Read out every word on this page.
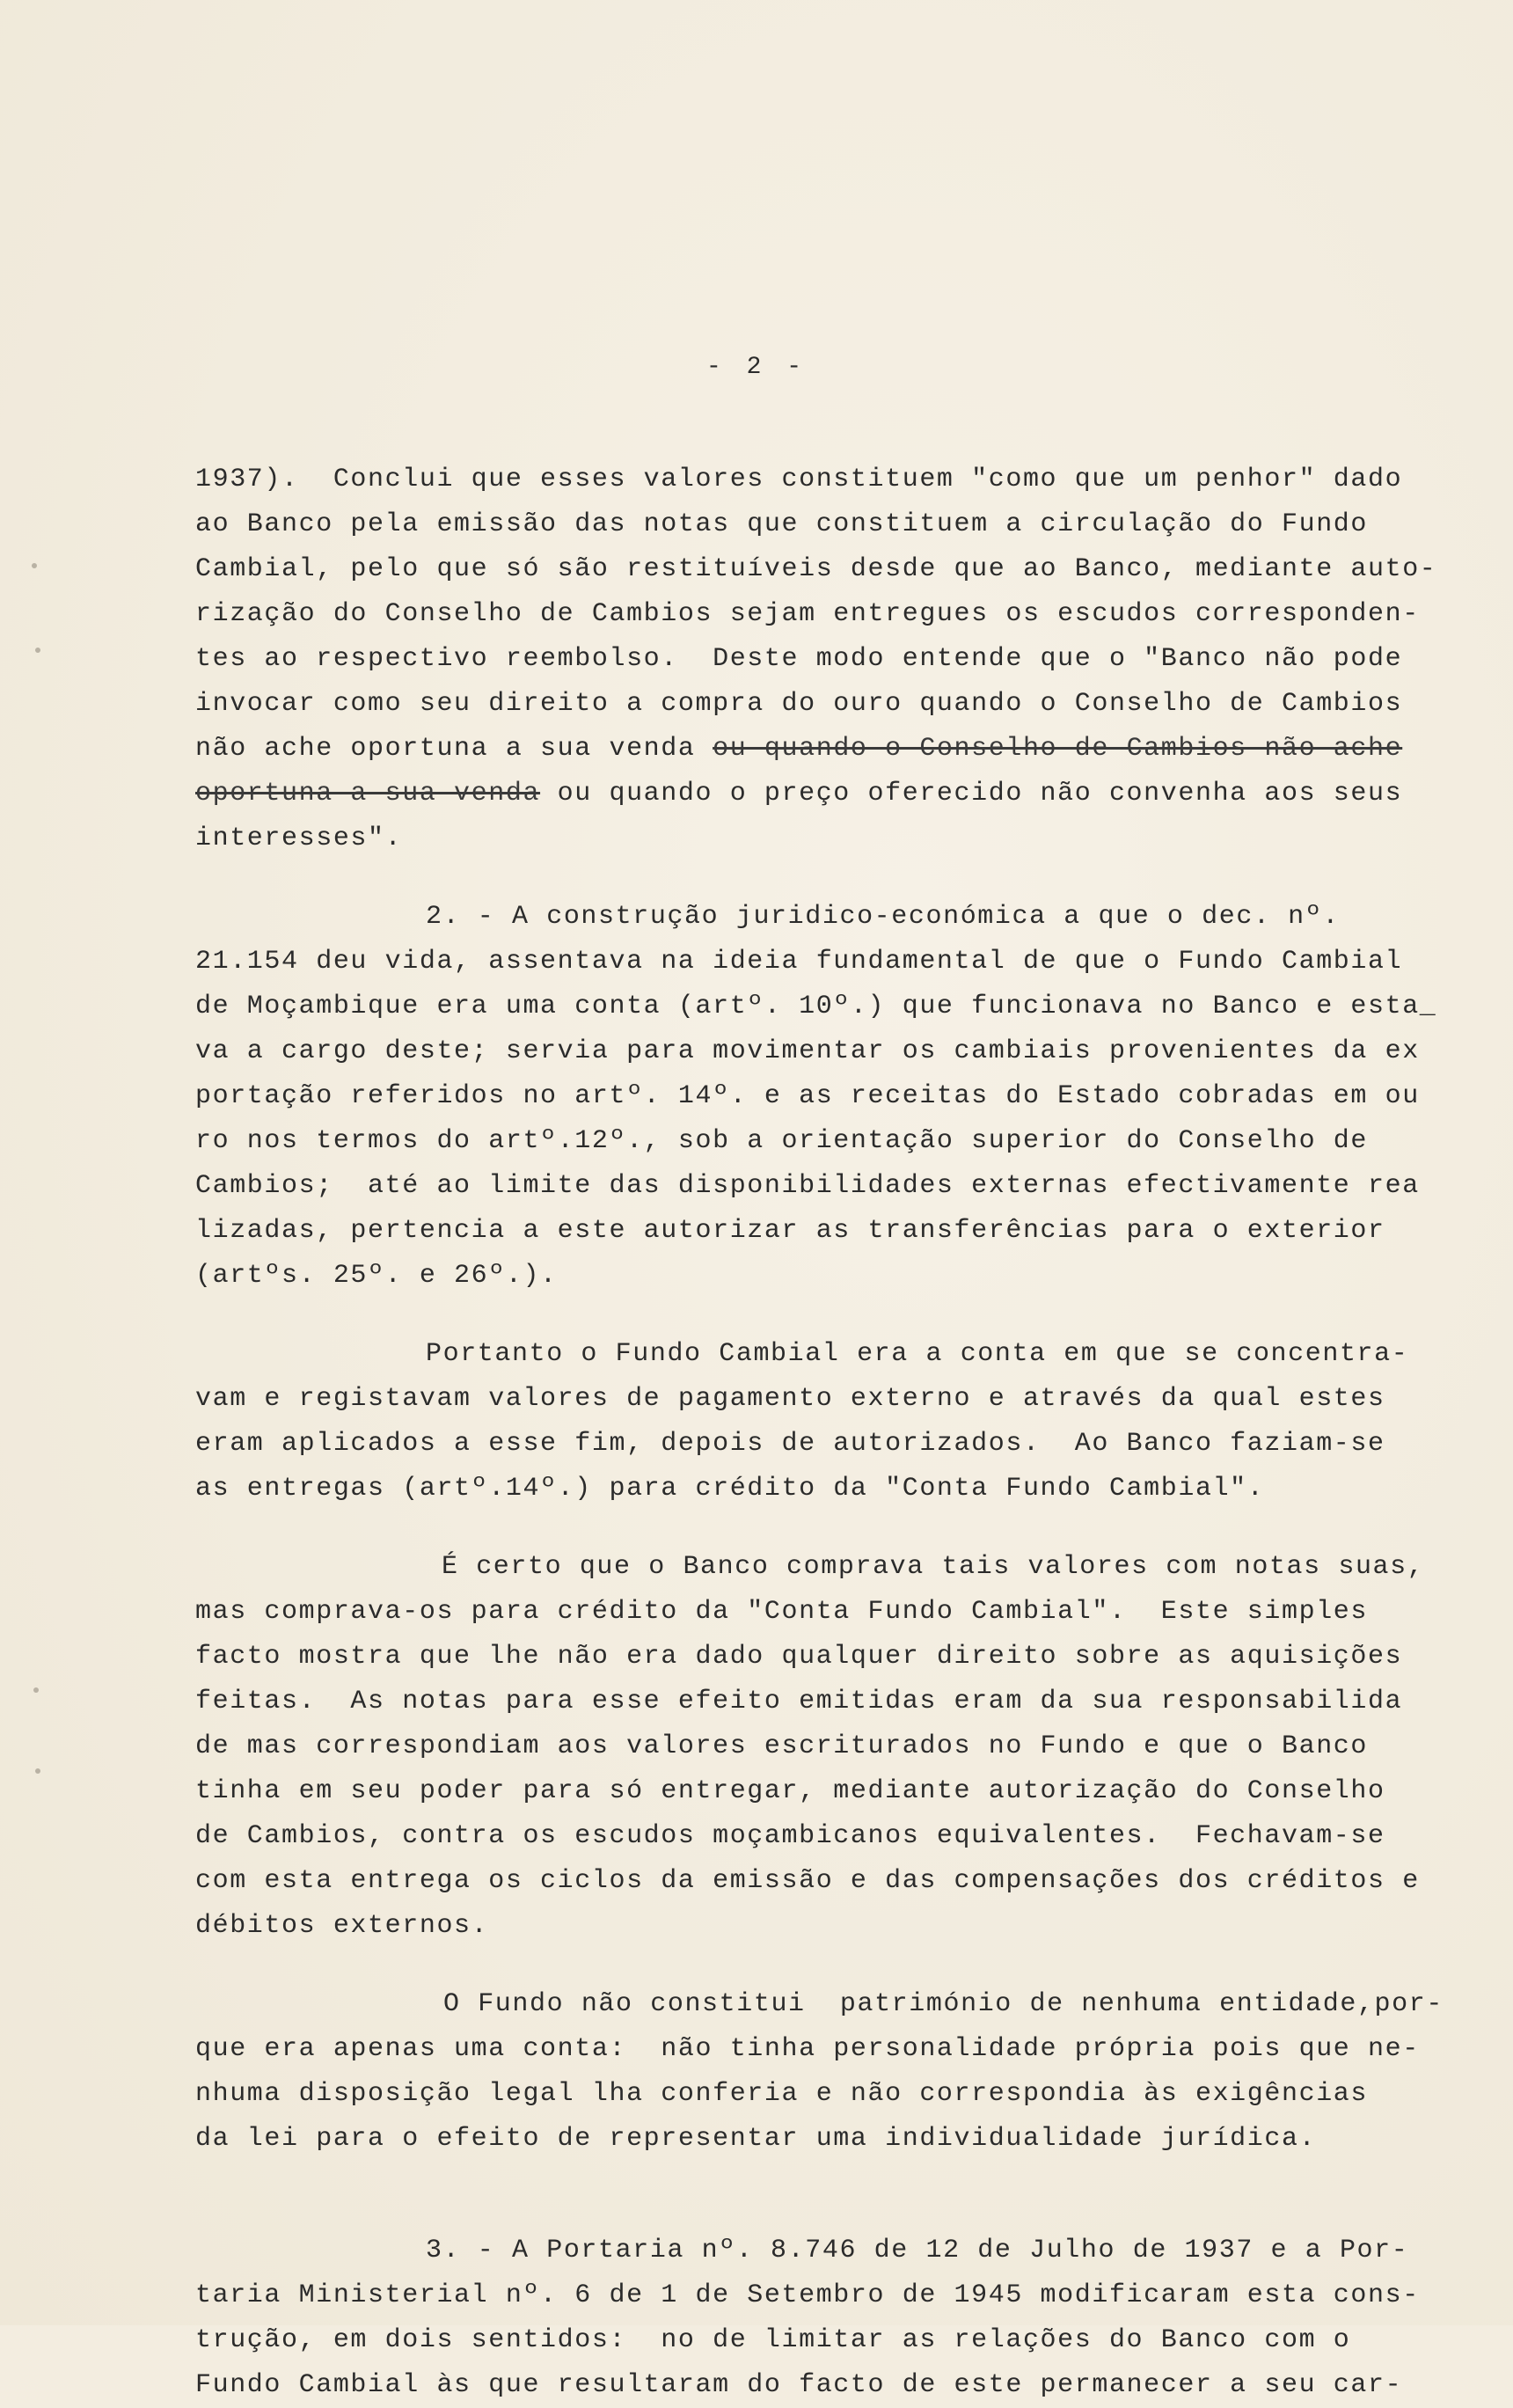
- 2 -
1937).  Conclui que esses valores constituem "como que um penhor" dado
ao Banco pela emissão das notas que constituem a circulação do Fundo
Cambial, pelo que só são restituíveis desde que ao Banco, mediante auto-
rização do Conselho de Cambios sejam entregues os escudos corresponden-
tes ao respectivo reembolso.  Deste modo entende que o "Banco não pode
invocar como seu direito a compra do ouro quando o Conselho de Cambios
não ache oportuna a sua venda ou quando o Conselho de Cambios não ache
oportuna a sua venda ou quando o preço oferecido não convenha aos seus
interesses".
2. - A construção juridico-económica a que o dec. nº.
21.154 deu vida, assentava na ideia fundamental de que o Fundo Cambial
de Moçambique era uma conta (artº. 10º.) que funcionava no Banco e esta_
va a cargo deste; servia para movimentar os cambiais provenientes da ex
portação referidos no artº. 14º. e as receitas do Estado cobradas em ou
ro nos termos do artº.12º., sob a orientação superior do Conselho de
Cambios;  até ao limite das disponibilidades externas efectivamente rea
lizadas, pertencia a este autorizar as transferências para o exterior
(artºs. 25º. e 26º.).
Portanto o Fundo Cambial era a conta em que se concentra-
vam e registavam valores de pagamento externo e através da qual estes
eram aplicados a esse fim, depois de autorizados.  Ao Banco faziam-se
as entregas (artº.14º.) para crédito da "Conta Fundo Cambial".
É certo que o Banco comprava tais valores com notas suas,
mas comprava-os para crédito da "Conta Fundo Cambial".  Este simples
facto mostra que lhe não era dado qualquer direito sobre as aquisições
feitas.  As notas para esse efeito emitidas eram da sua responsabilida
de mas correspondiam aos valores escriturados no Fundo e que o Banco
tinha em seu poder para só entregar, mediante autorização do Conselho
de Cambios, contra os escudos moçambicanos equivalentes.  Fechavam-se
com esta entrega os ciclos da emissão e das compensações dos créditos e
débitos externos.
O Fundo não constitui  património de nenhuma entidade,por-
que era apenas uma conta:  não tinha personalidade própria pois que ne-
nhuma disposição legal lha conferia e não correspondia às exigências
da lei para o efeito de representar uma individualidade jurídica.
3. - A Portaria nº. 8.746 de 12 de Julho de 1937 e a Por-
taria Ministerial nº. 6 de 1 de Setembro de 1945 modificaram esta cons-
trução, em dois sentidos:  no de limitar as relações do Banco com o
Fundo Cambial às que resultaram do facto de este permanecer a seu car-
